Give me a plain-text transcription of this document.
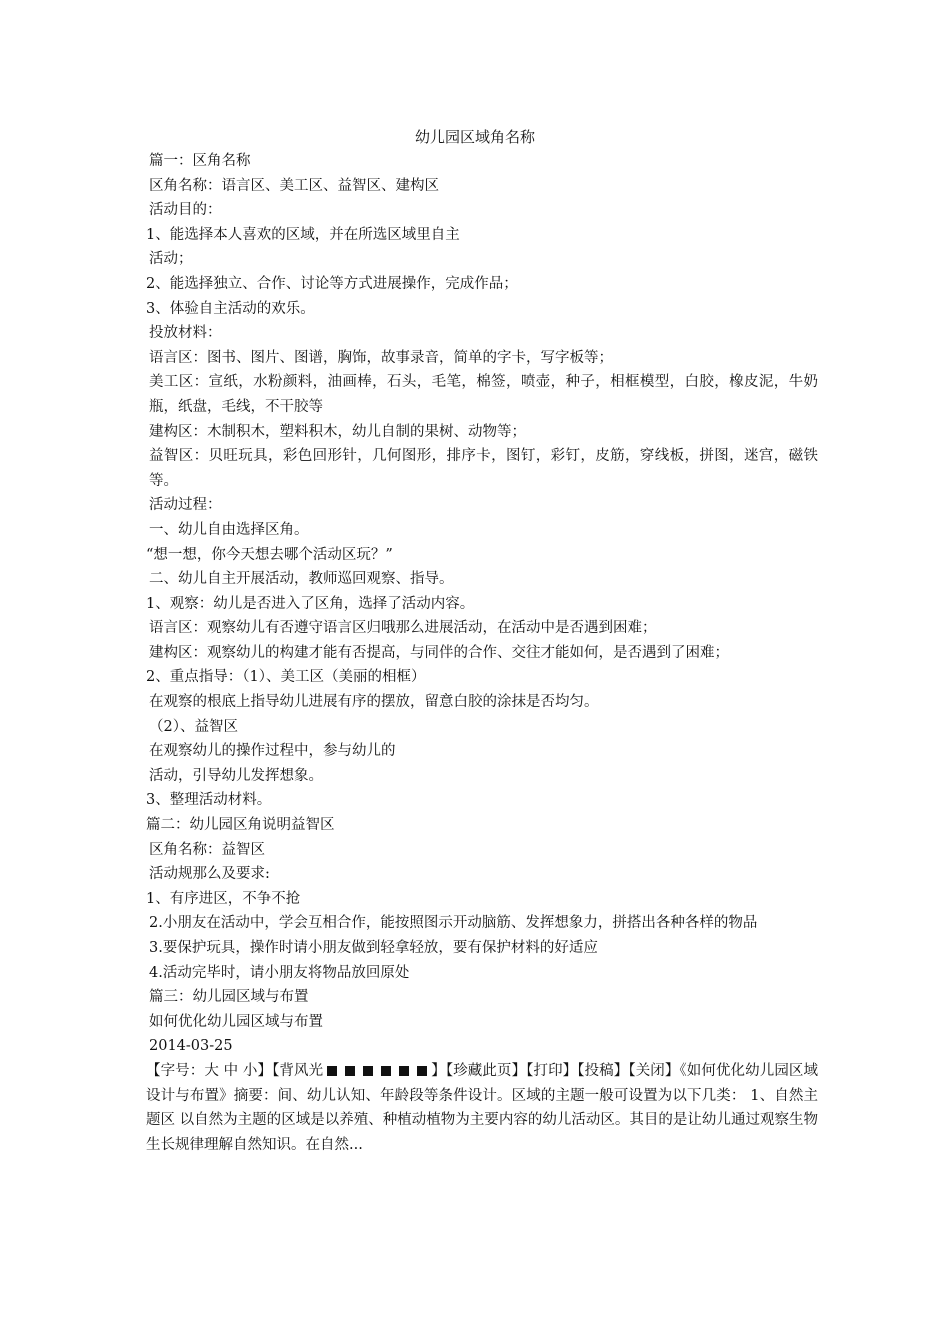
幼儿园区域角名称
篇一：区角名称
区角名称：语言区、美工区、益智区、建构区
活动目的：
1、能选择本人喜欢的区域，并在所选区域里自主
活动；
2、能选择独立、合作、讨论等方式进展操作，完成作品；
3、体验自主活动的欢乐。
投放材料：
语言区：图书、图片、图谱，胸饰，故事录音，简单的字卡，写字板等；
美工区：宣纸，水粉颜料，油画棒，石头，毛笔，棉签，喷壶，种子，相框模型，白胶，橡皮泥，牛奶瓶，纸盘，毛线，不干胶等
建构区：木制积木，塑料积木，幼儿自制的果树、动物等；
益智区：贝旺玩具，彩色回形针，几何图形，排序卡，图钉，彩钉，皮筋，穿线板，拼图，迷宫，磁铁等。
活动过程：
一、幼儿自由选择区角。
“想一想，你今天想去哪个活动区玩？”
二、幼儿自主开展活动，教师巡回观察、指导。
1、观察：幼儿是否进入了区角，选择了活动内容。
语言区：观察幼儿有否遵守语言区归哦那么进展活动，在活动中是否遇到困难；
建构区：观察幼儿的构建才能有否提高，与同伴的合作、交往才能如何，是否遇到了困难；
2、重点指导：（1）、美工区（美丽的相框）
在观察的根底上指导幼儿进展有序的摆放，留意白胶的涂抹是否均匀。
（2）、益智区
在观察幼儿的操作过程中，参与幼儿的
活动，引导幼儿发挥想象。
3、整理活动材料。
篇二：幼儿园区角说明益智区
区角名称：益智区
活动规那么及要求:
1、有序进区，不争不抢
2.小朋友在活动中，学会互相合作，能按照图示开动脑筋、发挥想象力，拼搭出各种各样的物品
3.要保护玩具，操作时请小朋友做到轻拿轻放，要有保护材料的好适应
4.活动完毕时，请小朋友将物品放回原处
篇三：幼儿园区域与布置
如何优化幼儿园区域与布置
2014-03-25
【字号：大 中 小】【背风光	】【珍藏此页】【打印】【投稿】【关闭】《如何优化幼儿园区域设计与布置》摘要：间、幼儿认知、年龄段等条件设计。区域的主题一般可设置为以下几类： 1、自然主题区 以自然为主题的区域是以养殖、种植动植物为主要内容的幼儿活动区。其目的是让幼儿通过观察生物生长规律理解自然知识。在自然...
